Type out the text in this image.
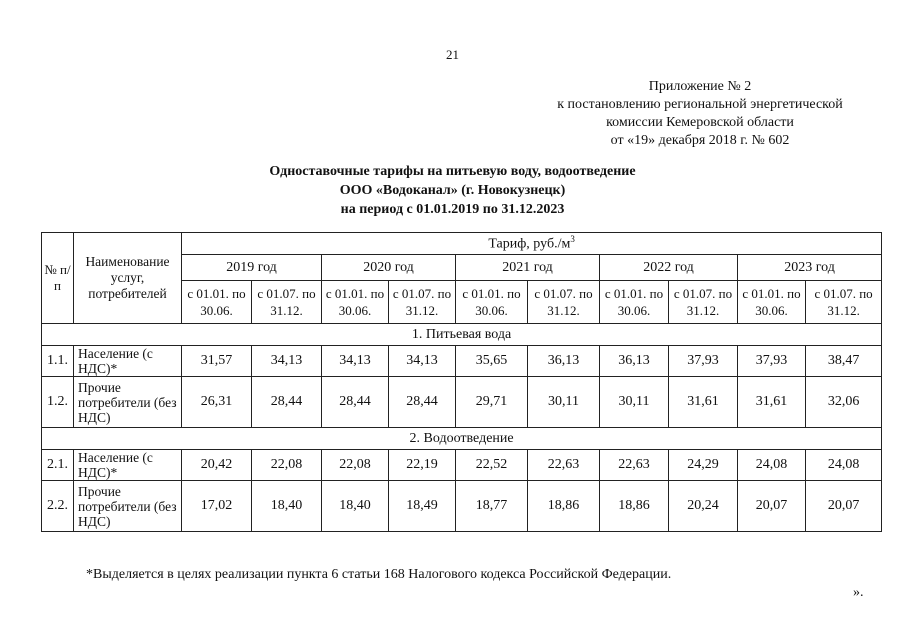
21
Приложение № 2
к постановлению региональной энергетической
комиссии Кемеровской области
от «19» декабря 2018 г. № 602
Одноставочные тарифы на питьевую воду, водоотведение
ООО «Водоканал» (г. Новокузнецк)
на период с 01.01.2019 по 31.12.2023
№ п/п	Наименование услуг, потребителей	Тариф, $руб./м^3$
		2019 год		2020 год		2021 год		2022 год		2023 год	
		с 01.01. по 30.06.	с 01.07. по 31.12.	с 01.01. по 30.06.	с 01.07. по 31.12.	с 01.01. по 30.06.	с 01.07. по 31.12.	с 01.01. по 30.06.	с 01.07. по 31.12.	с 01.01. по 30.06.	с 01.07. по 31.12.
1. Питьевая вода											
1.1.	Население (с НДС)*	31,57	34,13	34,13	34,13	35,65	36,13	36,13	37,93	37,93	38,47
1.2.	Прочие потребители (без НДС)	26,31	28,44	28,44	28,44	29,71	30,11	30,11	31,61	31,61	32,06
2. Водоотведение											
2.1.	Население (с НДС)*	20,42	22,08	22,08	22,19	22,52	22,63	22,63	24,29	24,08	24,08
2.2.	Прочие потребители (без НДС)	17,02	18,40	18,40	18,49	18,77	18,86	18,86	20,24	20,07	20,07
*Выделяется в целях реализации пункта 6 статьи 168 Налогового кодекса Российской Федерации.
».
